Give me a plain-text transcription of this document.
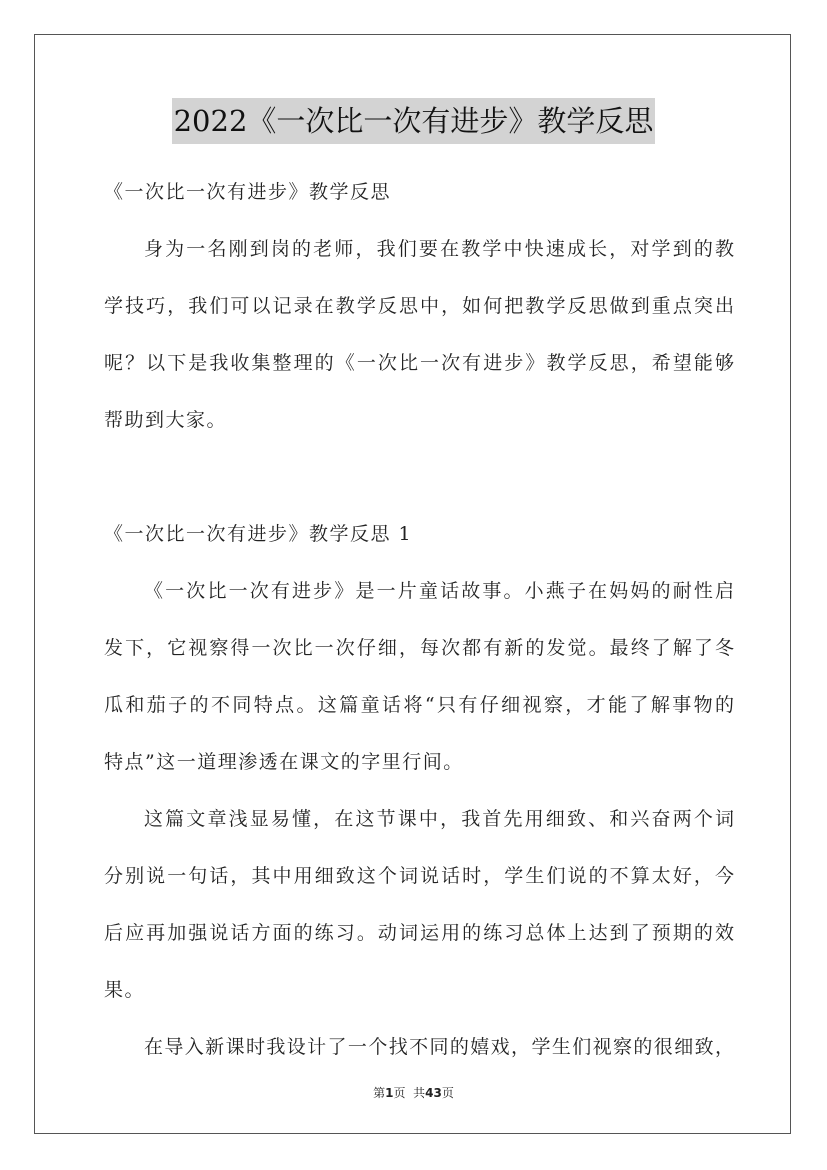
2022《一次比一次有进步》教学反思
《一次比一次有进步》教学反思
身为一名刚到岗的老师，我们要在教学中快速成长，对学到的教
学技巧，我们可以记录在教学反思中，如何把教学反思做到重点突出
呢？以下是我收集整理的《一次比一次有进步》教学反思，希望能够
帮助到大家。
《一次比一次有进步》教学反思 1
《一次比一次有进步》是一片童话故事。小燕子在妈妈的耐性启
发下，它视察得一次比一次仔细，每次都有新的发觉。最终了解了冬
瓜和茄子的不同特点。这篇童话将“只有仔细视察，才能了解事物的
特点”这一道理渗透在课文的字里行间。
这篇文章浅显易懂，在这节课中，我首先用细致、和兴奋两个词
分别说一句话，其中用细致这个词说话时，学生们说的不算太好，今
后应再加强说话方面的练习。动词运用的练习总体上达到了预期的效
果。
在导入新课时我设计了一个找不同的嬉戏，学生们视察的很细致，
第1页 共43页
